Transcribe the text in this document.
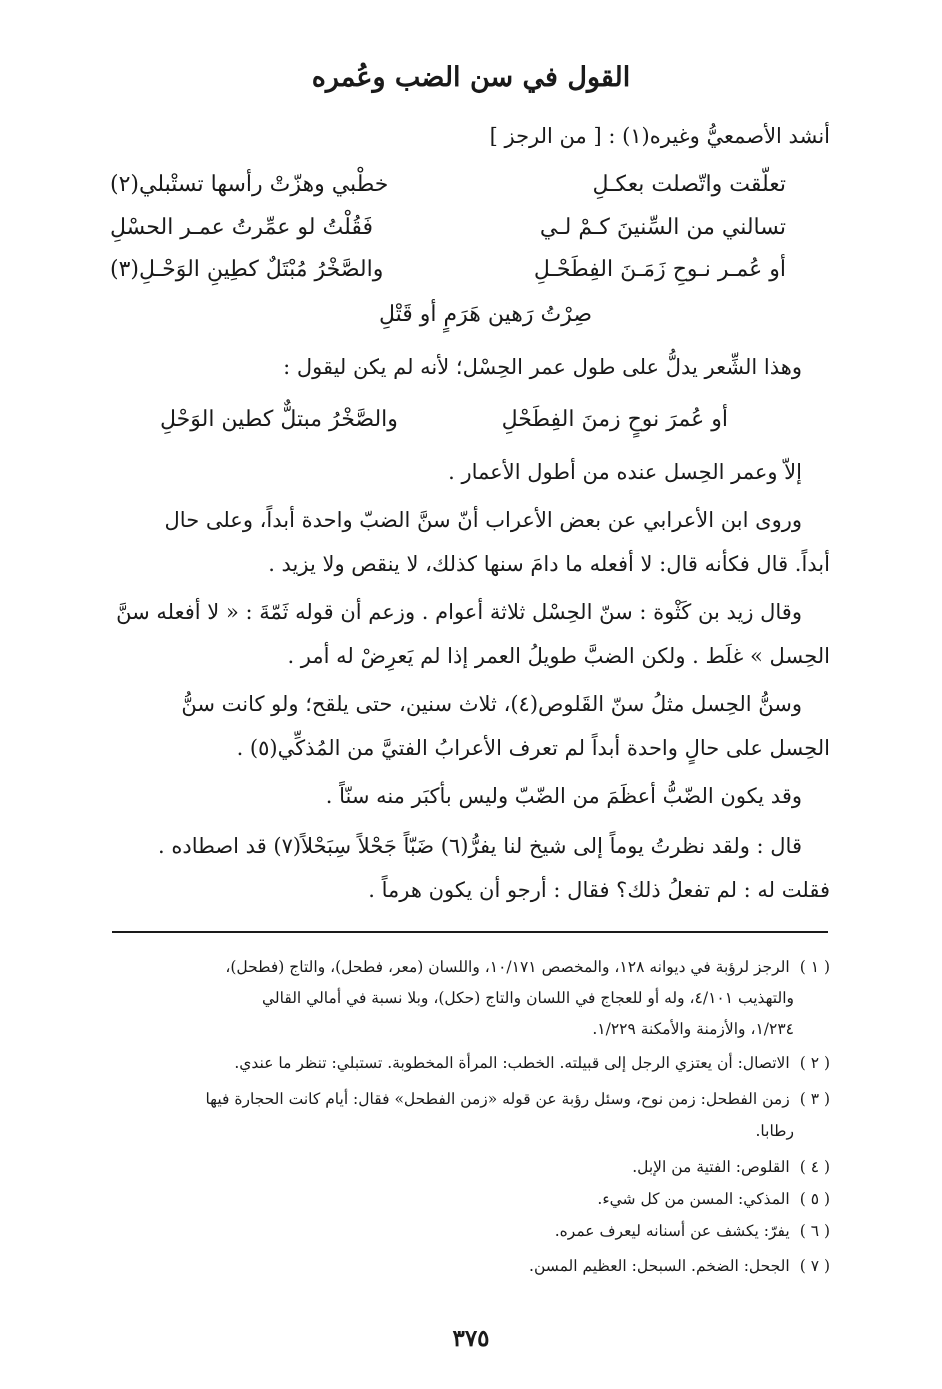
القول في سن الضب وعُمره
أنشد الأصمعيُّ وغيره(١) : [ من الرجز ]
تعلّقت واتّصلت بعكـلِ
خطْبي وهزّتْ رأسها تستْبلي(٢)
تسالني من السِّنينَ كـمْ لـي
فَقُلْتُ لو عمِّرتُ عمـر الحسْلِ
أو عُمـر نـوحِ زَمَـنَ الفِطَحْـلِ
والصَّخْرُ مُبْتَلٌ كطِينِ الوَحْـلِ(٣)
صِرْتُ رَهين هَرَمٍ أو قَتْلِ
وهذا الشِّعر يدلُّ على طول عمر الحِسْل؛ لأنه لم يكن ليقول :
أو عُمرَ نوحٍ زمنَ الفِطَحْلِ
والصَّخْرُ مبتلٌّ كطين الوَحْلِ
إلاّ وعمر الحِسل عنده من أطول الأعمار .
وروى ابن الأعرابي عن بعض الأعراب أنّ سنَّ الضبّ واحدة أبداً، وعلى حال
أبداً. قال فكأنه قال: لا أفعله ما دامَ سنها كذلك، لا ينقص ولا يزيد .
وقال زيد بن كَثْوة : سنّ الحِسْل ثلاثة أعوام . وزعم أن قوله ثَمّةَ : « لا أفعله سنَّ
الحِسل » غلَط . ولكن الضبَّ طويلُ العمر إذا لم يَعرِضْ له أمر .
وسنُّ الحِسل مثلُ سنّ القَلوص(٤)، ثلاث سنين، حتى يلقح؛ ولو كانت سنُّ
الحِسل على حالٍ واحدة أبداً لم تعرف الأعرابُ الفتيَّ من المُذكِّي(٥) .
وقد يكون الضّبُّ أعظَمَ من الضّبّ وليس بأكبَر منه سنّاً .
قال : ولقد نظرتُ يوماً إلى شيخ لنا يفرُّ(٦) ضَبّاً جَحْلاً سِبَحْلاً(٧) قد اصطاده .
فقلت له : لم تفعلُ ذلك؟ فقال : أرجو أن يكون هرماً .
( ١ )الرجز لرؤبة في ديوانه ١٢٨، والمخصص ١٠/١٧١، واللسان (معر، فطحل)، والتاج (فطحل)،
والتهذيب ٤/١٠١، وله أو للعجاج في اللسان والتاج (حكل)، وبلا نسبة في أمالي القالي
١/٢٣٤، والأزمنة والأمكنة ١/٢٢٩.
( ٢ )الاتصال: أن يعتزي الرجل إلى قبيلته. الخطب: المرأة المخطوبة. تستبلي: تنظر ما عندي.
( ٣ )زمن الفطحل: زمن نوح، وسئل رؤبة عن قوله «زمن الفطحل» فقال: أيام كانت الحجارة فيها
رطابا.
( ٤ )القلوص: الفتية من الإبل.
( ٥ )المذكي: المسن من كل شيء.
( ٦ )يفرّ: يكشف عن أسنانه ليعرف عمره.
( ٧ )الجحل: الضخم. السبحل: العظيم المسن.
٣٧٥
